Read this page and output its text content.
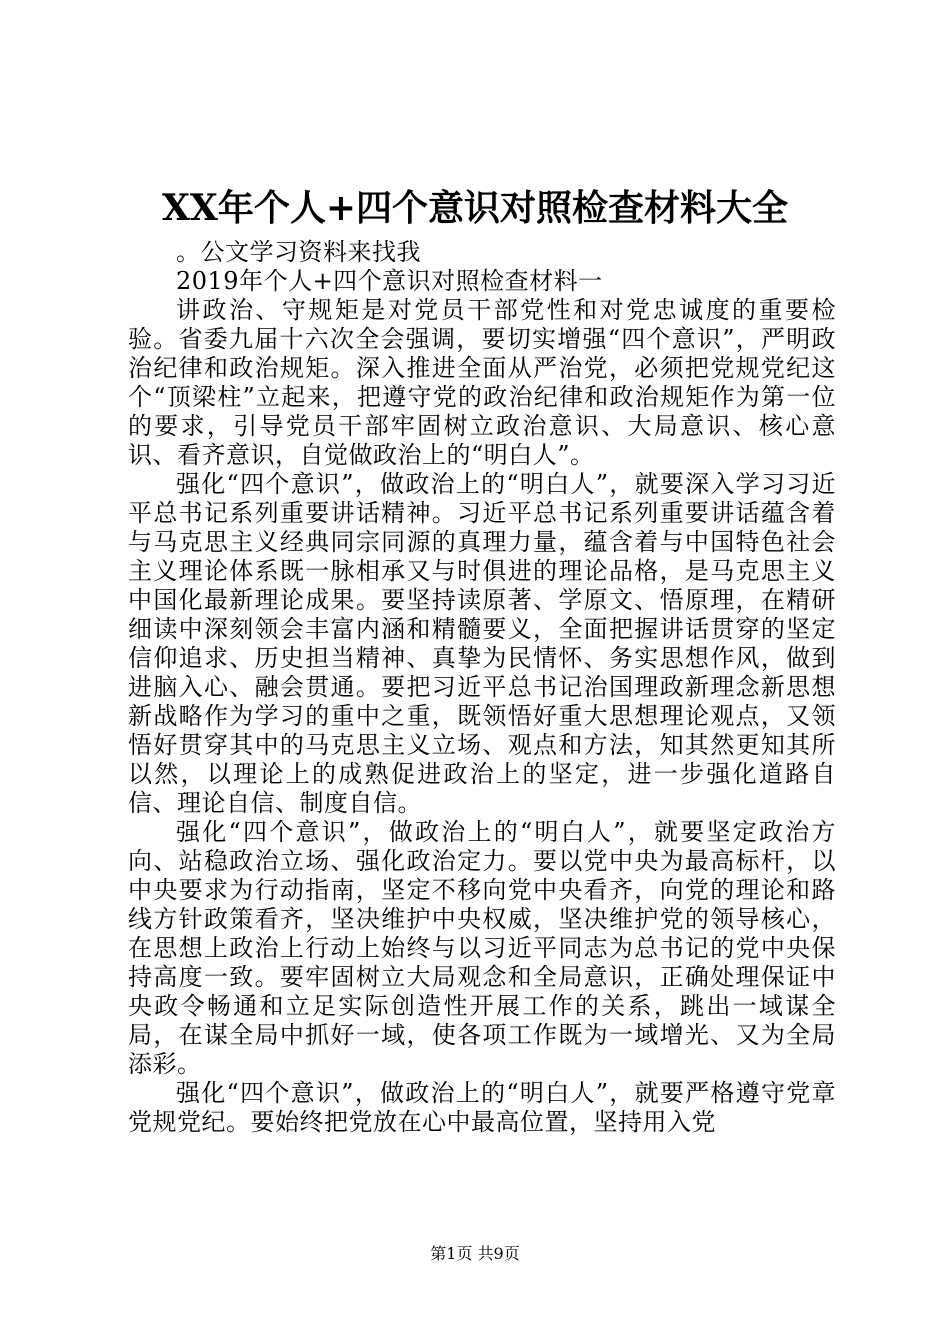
XX年个人+四个意识对照检查材料大全

。公文学习资料来找我

2019年个人+四个意识对照检查材料一

讲政治、守规矩是对党员干部党性和对党忠诚度的重要检验。省委九届十六次全会强调，要切实增强“四个意识”，严明政治纪律和政治规矩。深入推进全面从严治党，必须把党规党纪这个“顶梁柱”立起来，把遵守党的政治纪律和政治规矩作为第一位的要求，引导党员干部牢固树立政治意识、大局意识、核心意识、看齐意识，自觉做政治上的“明白人”。

强化“四个意识”，做政治上的“明白人”，就要深入学习习近平总书记系列重要讲话精神。习近平总书记系列重要讲话蕴含着与马克思主义经典同宗同源的真理力量，蕴含着与中国特色社会主义理论体系既一脉相承又与时俱进的理论品格，是马克思主义中国化最新理论成果。要坚持读原著、学原文、悟原理，在精研细读中深刻领会丰富内涵和精髓要义，全面把握讲话贯穿的坚定信仰追求、历史担当精神、真挚为民情怀、务实思想作风，做到进脑入心、融会贯通。要把习近平总书记治国理政新理念新思想新战略作为学习的重中之重，既领悟好重大思想理论观点，又领悟好贯穿其中的马克思主义立场、观点和方法，知其然更知其所以然，以理论上的成熟促进政治上的坚定，进一步强化道路自信、理论自信、制度自信。

强化“四个意识”，做政治上的“明白人”，就要坚定政治方向、站稳政治立场、强化政治定力。要以党中央为最高标杆，以中央要求为行动指南，坚定不移向党中央看齐，向党的理论和路线方针政策看齐，坚决维护中央权威，坚决维护党的领导核心，在思想上政治上行动上始终与以习近平同志为总书记的党中央保持高度一致。要牢固树立大局观念和全局意识，正确处理保证中央政令畅通和立足实际创造性开展工作的关系，跳出一域谋全局，在谋全局中抓好一域，使各项工作既为一域增光、又为全局添彩。

强化“四个意识”，做政治上的“明白人”，就要严格遵守党章党规党纪。要始终把党放在心中最高位置，坚持用入党

第1页 共9页
